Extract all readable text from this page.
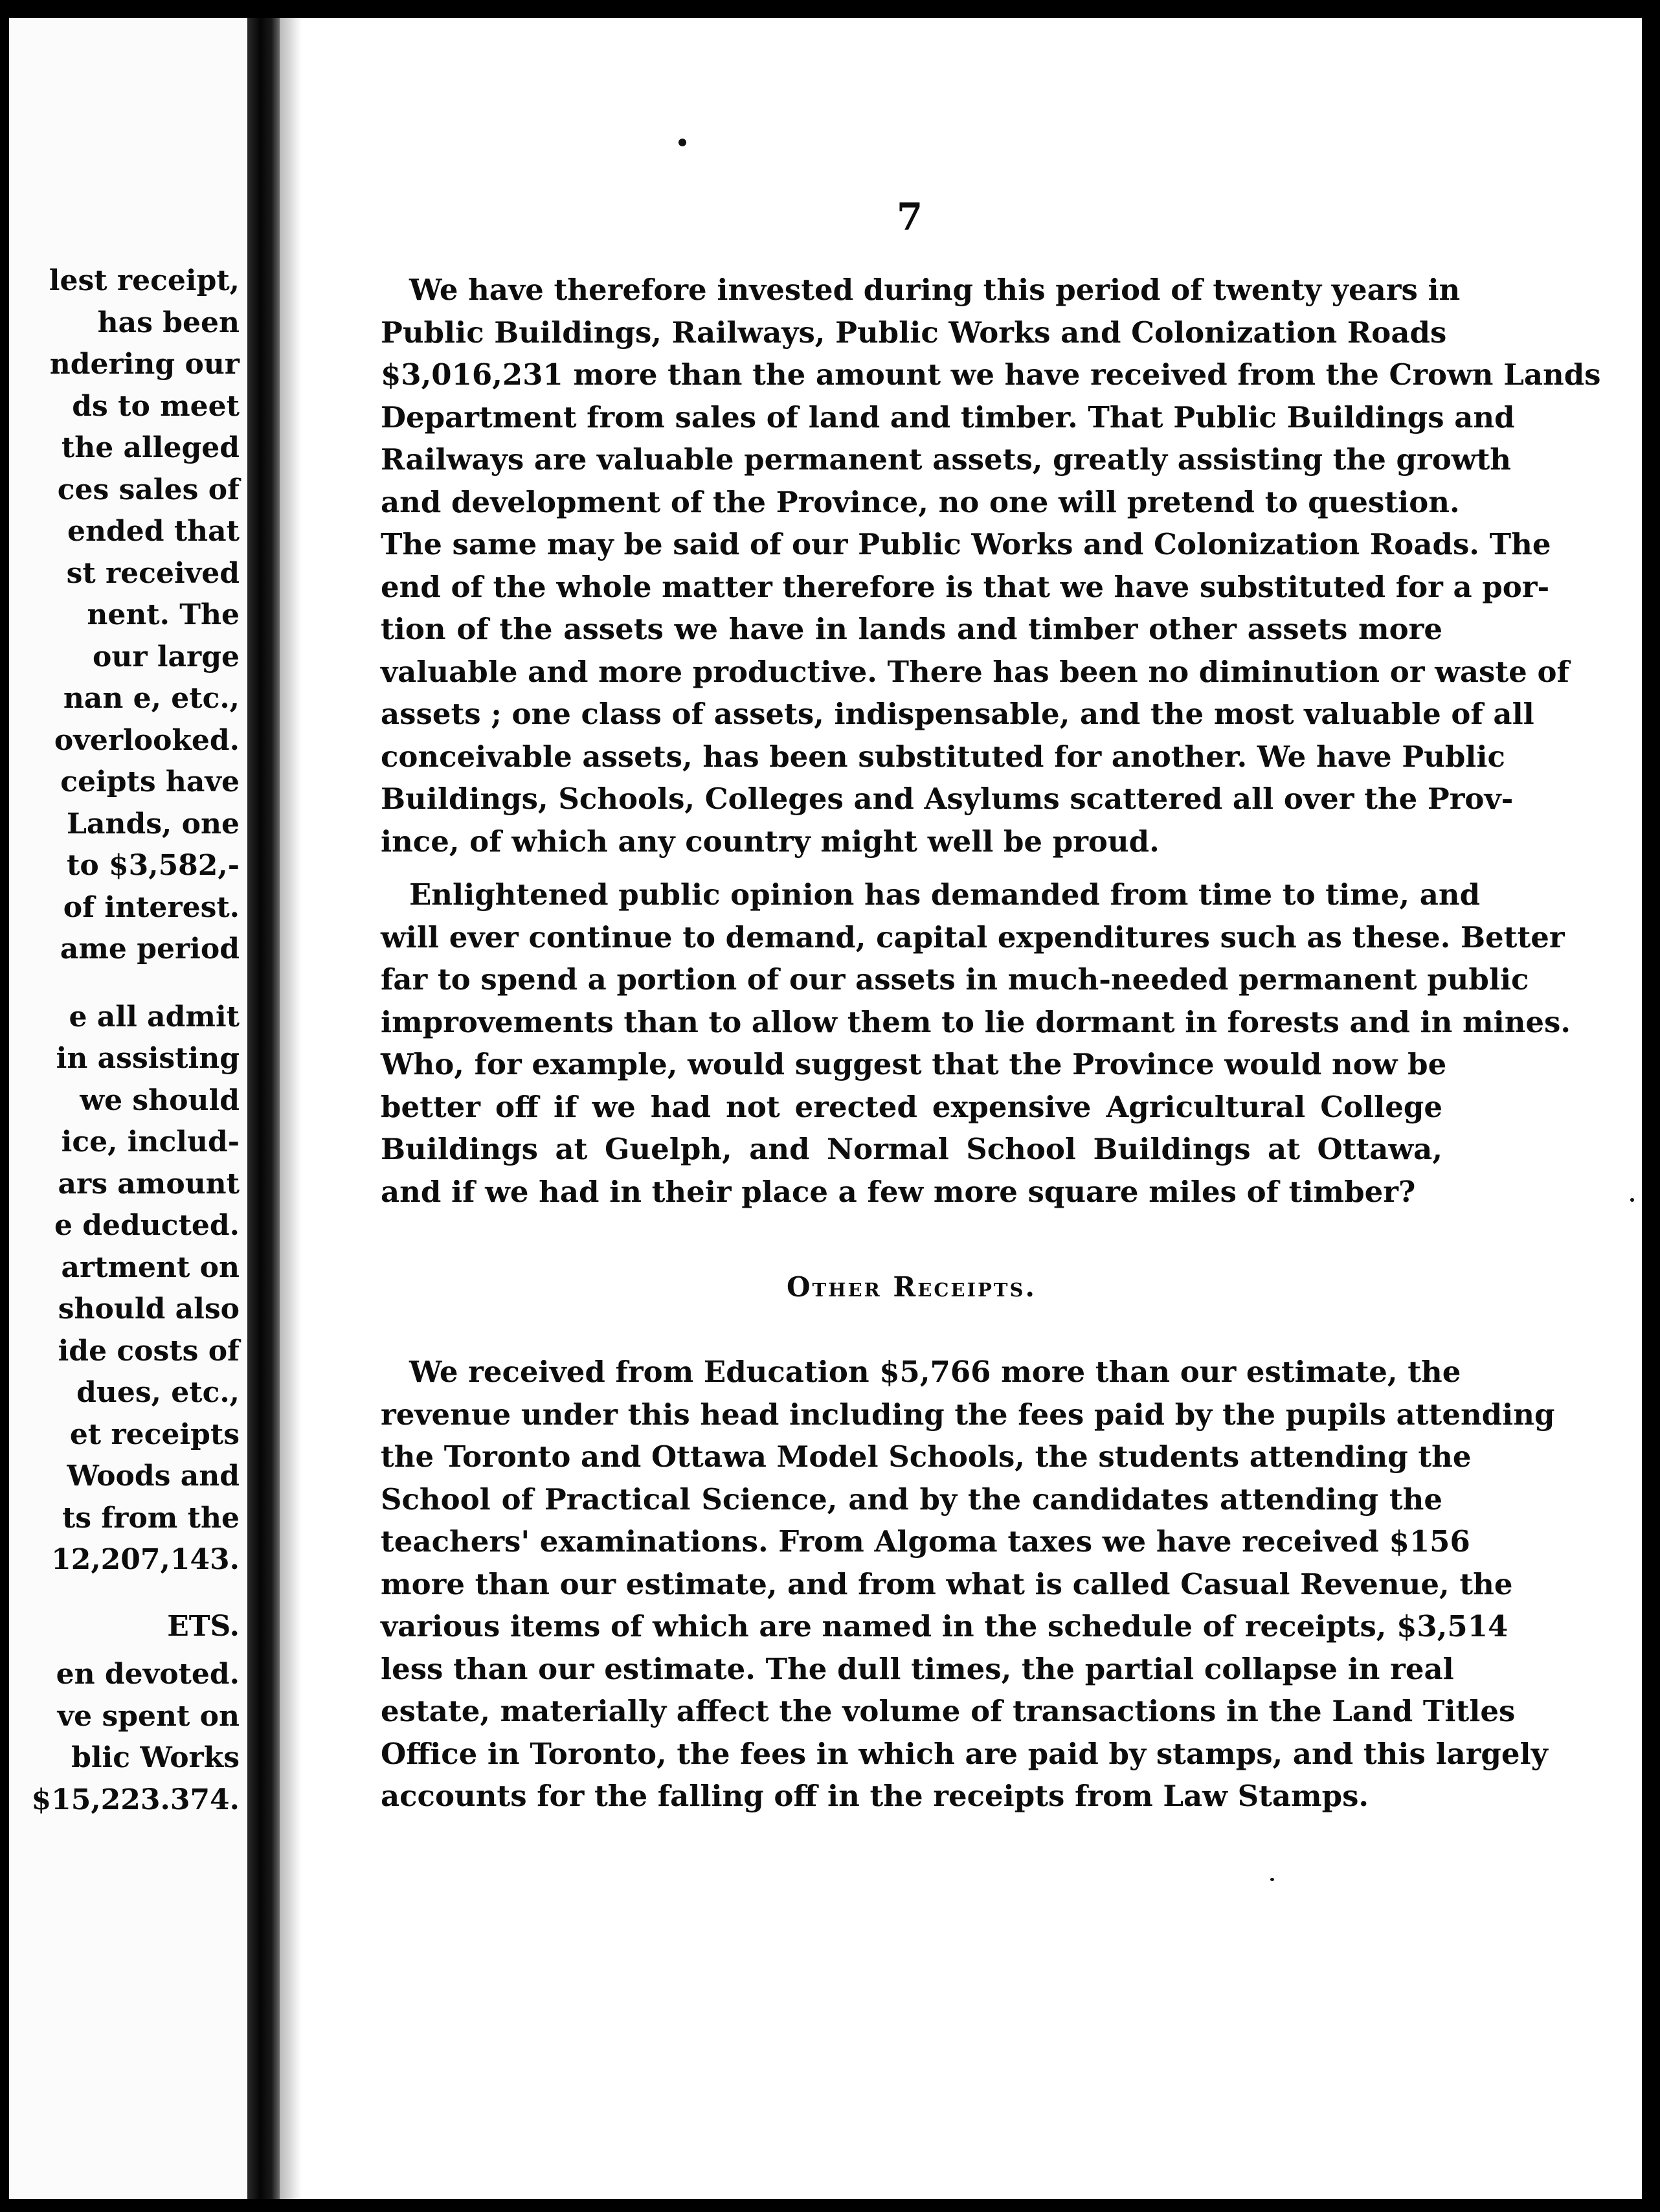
lest receipt,
has been
ndering our
ds to meet
the alleged
ces sales of
ended that
st received
nent. The
our large
nan e, etc.,
overlooked.
ceipts have
Lands, one
to $3,582,-
of interest.
ame period
e all admit
in assisting
we should
ice, includ-
ars amount
e deducted.
artment on
should also
ide costs of
dues, etc.,
et receipts
Woods and
ts from the
12,207,143.
ETS.
en devoted.
ve spent on
blic Works
$15,223.374.
7
We have therefore invested during this period of twenty years in
Public Buildings, Railways, Public Works and Colonization Roads
$3,016,231 more than the amount we have received from the Crown Lands
Department from sales of land and timber. That Public Buildings and
Railways are valuable permanent assets, greatly assisting the growth
and development of the Province, no one will pretend to question.
The same may be said of our Public Works and Colonization Roads. The
end of the whole matter therefore is that we have substituted for a por-
tion of the assets we have in lands and timber other assets more
valuable and more productive. There has been no diminution or waste of
assets ; one class of assets, indispensable, and the most valuable of all
conceivable assets, has been substituted for another. We have Public
Buildings, Schools, Colleges and Asylums scattered all over the Prov-
ince, of which any country might well be proud.
Enlightened public opinion has demanded from time to time, and
will ever continue to demand, capital expenditures such as these. Better
far to spend a portion of our assets in much-needed permanent public
improvements than to allow them to lie dormant in forests and in mines.
Who, for example, would suggest that the Province would now be
better off if we had not erected expensive Agricultural College
Buildings at Guelph, and Normal School Buildings at Ottawa,
and if we had in their place a few more square miles of timber?
Other Receipts.
We received from Education $5,766 more than our estimate, the
revenue under this head including the fees paid by the pupils attending
the Toronto and Ottawa Model Schools, the students attending the
School of Practical Science, and by the candidates attending the
teachers' examinations. From Algoma taxes we have received $156
more than our estimate, and from what is called Casual Revenue, the
various items of which are named in the schedule of receipts, $3,514
less than our estimate. The dull times, the partial collapse in real
estate, materially affect the volume of transactions in the Land Titles
Office in Toronto, the fees in which are paid by stamps, and this largely
accounts for the falling off in the receipts from Law Stamps.
